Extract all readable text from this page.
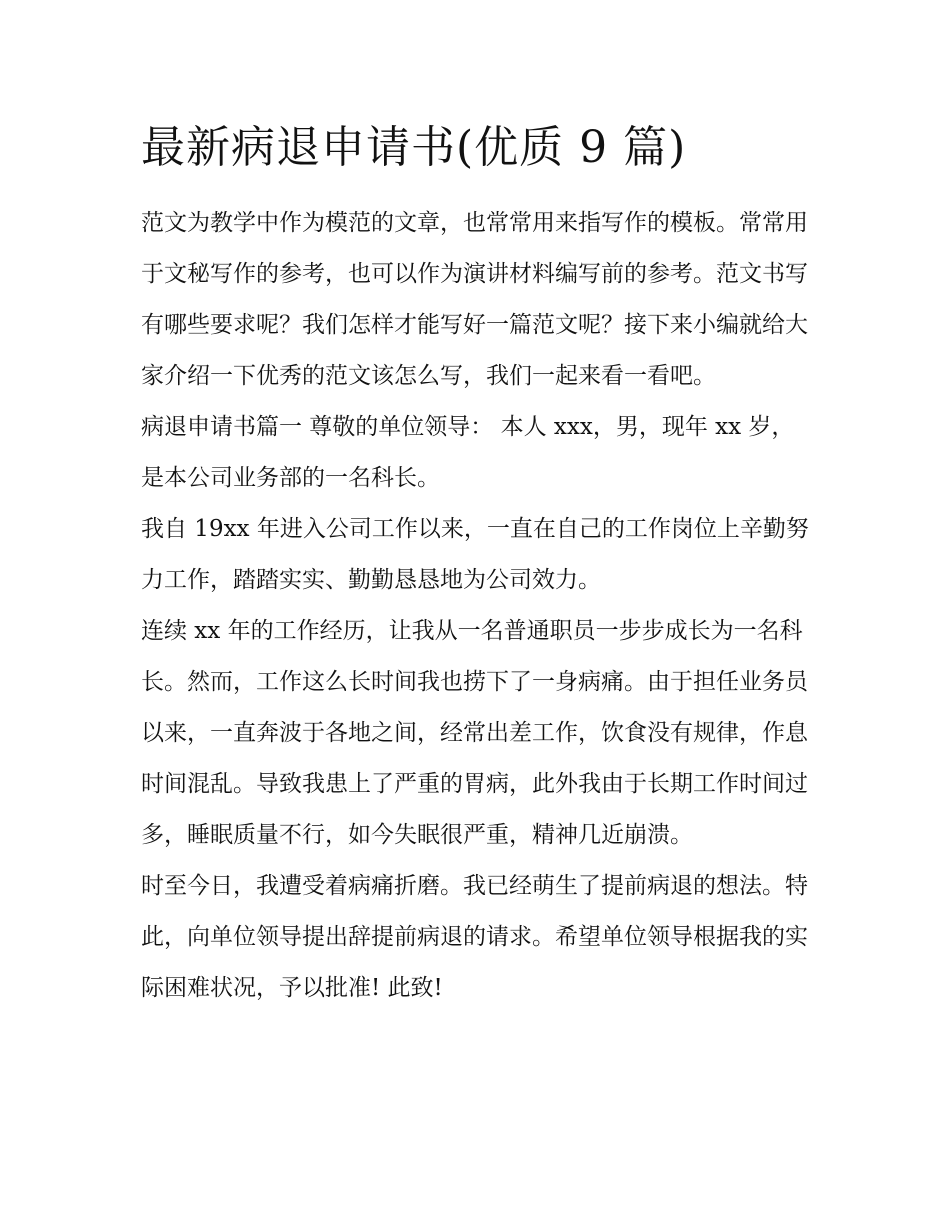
最新病退申请书(优质 9 篇)

范文为教学中作为模范的文章，也常常用来指写作的模板。常常用于文秘写作的参考，也可以作为演讲材料编写前的参考。范文书写有哪些要求呢？我们怎样才能写好一篇范文呢？接下来小编就给大家介绍一下优秀的范文该怎么写，我们一起来看一看吧。

病退申请书篇一 尊敬的单位领导： 本人 xxx，男，现年 xx 岁，是本公司业务部的一名科长。

我自 19xx 年进入公司工作以来，一直在自己的工作岗位上辛勤努力工作，踏踏实实、勤勤恳恳地为公司效力。

连续 xx 年的工作经历，让我从一名普通职员一步步成长为一名科长。然而，工作这么长时间我也捞下了一身病痛。由于担任业务员以来，一直奔波于各地之间，经常出差工作，饮食没有规律，作息时间混乱。导致我患上了严重的胃病，此外我由于长期工作时间过多，睡眠质量不行，如今失眠很严重，精神几近崩溃。

时至今日，我遭受着病痛折磨。我已经萌生了提前病退的想法。特此，向单位领导提出辞提前病退的请求。希望单位领导根据我的实际困难状况，予以批准! 此致!
